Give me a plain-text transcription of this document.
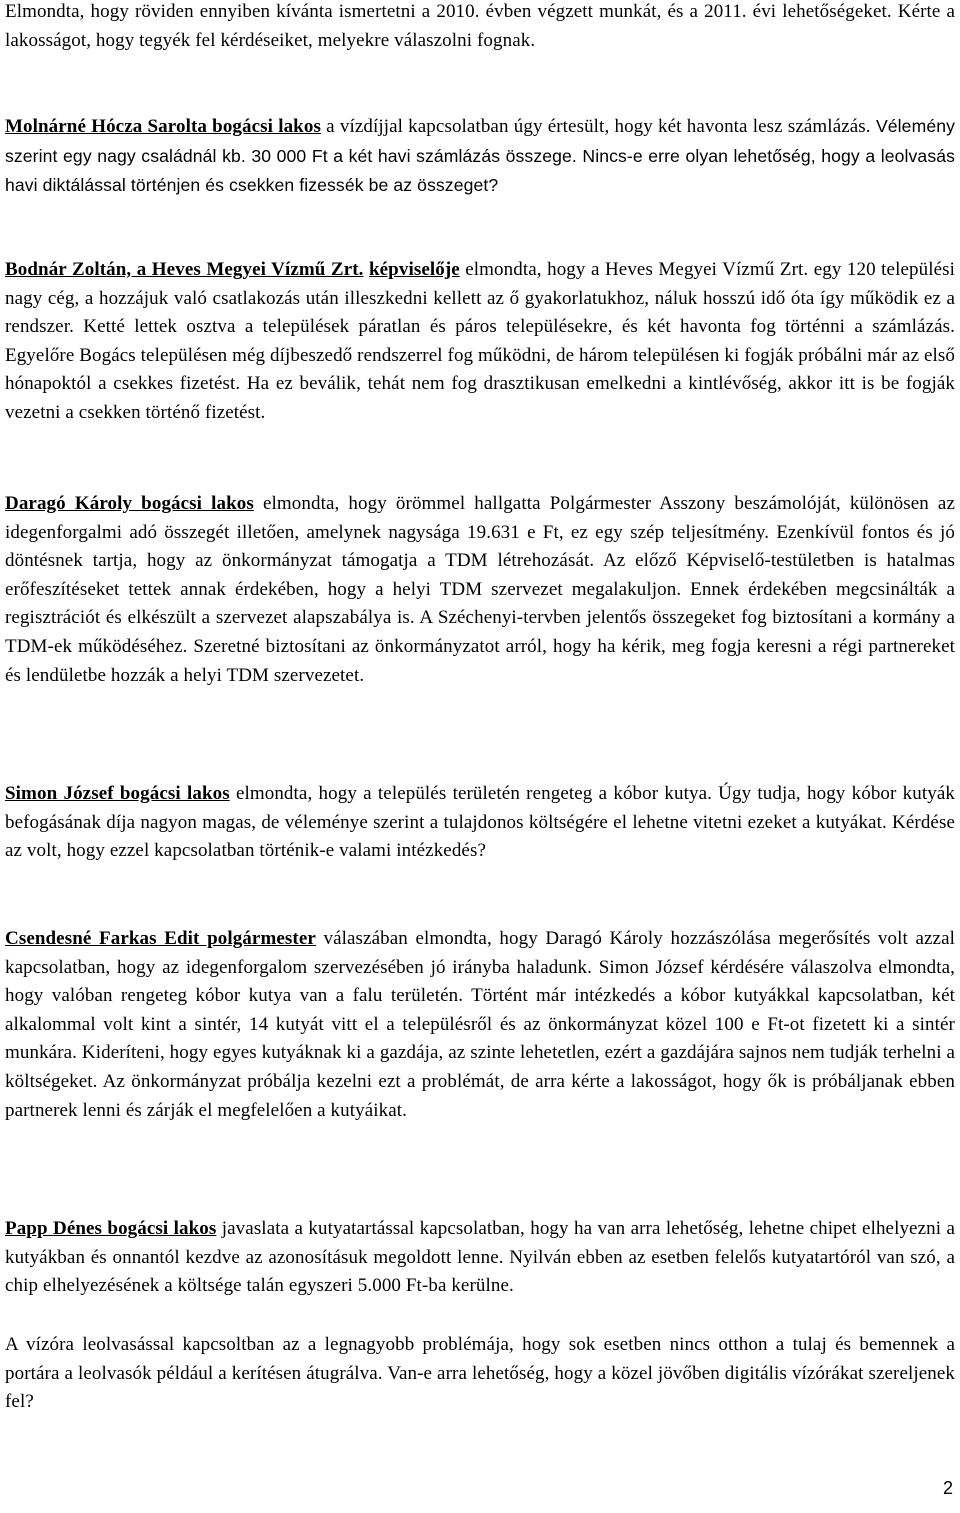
Elmondta, hogy röviden ennyiben kívánta ismertetni a 2010. évben végzett munkát, és a 2011. évi lehetőségeket. Kérte a lakosságot, hogy tegyék fel kérdéseiket, melyekre válaszolni fognak.

Molnárné Hócza Sarolta bogácsi lakos a vízdíjjal kapcsolatban úgy értesült, hogy két havonta lesz számlázás. Vélemény szerint egy nagy családnál kb. 30 000 Ft a két havi számlázás összege. Nincs-e erre olyan lehetőség, hogy a leolvasás havi diktálással történjen és csekken fizessék be az összeget?

Bodnár Zoltán, a Heves Megyei Vízmű Zrt. képviselője elmondta, hogy a Heves Megyei Vízmű Zrt. egy 120 települési nagy cég, a hozzájuk való csatlakozás után illeszkedni kellett az ő gyakorlatukhoz, náluk hosszú idő óta így működik ez a rendszer. Ketté lettek osztva a települések páratlan és páros településekre, és két havonta fog történni a számlázás. Egyelőre Bogács településen még díjbeszedő rendszerrel fog működni, de három településen ki fogják próbálni már az első hónapoktól a csekkes fizetést. Ha ez beválik, tehát nem fog drasztikusan emelkedni a kintlévőség, akkor itt is be fogják vezetni a csekken történő fizetést.

Daragó Károly bogácsi lakos elmondta, hogy örömmel hallgatta Polgármester Asszony beszámolóját, különösen az idegenforgalmi adó összegét illetően, amelynek nagysága 19.631 e Ft, ez egy szép teljesítmény. Ezenkívül fontos és jó döntésnek tartja, hogy az önkormányzat támogatja a TDM létrehozását. Az előző Képviselő-testületben is hatalmas erőfeszítéseket tettek annak érdekében, hogy a helyi TDM szervezet megalakuljon. Ennek érdekében megcsinálták a regisztrációt és elkészült a szervezet alapszabálya is. A Széchenyi-tervben jelentős összegeket fog biztosítani a kormány a TDM-ek működéséhez. Szeretné biztosítani az önkormányzatot arról, hogy ha kérik, meg fogja keresni a régi partnereket és lendületbe hozzák a helyi TDM szervezetet.

Simon József bogácsi lakos elmondta, hogy a település területén rengeteg a kóbor kutya. Úgy tudja, hogy kóbor kutyák befogásának díja nagyon magas, de véleménye szerint a tulajdonos költségére el lehetne vitetni ezeket a kutyákat. Kérdése az volt, hogy ezzel kapcsolatban történik-e valami intézkedés?

Csendesné Farkas Edit polgármester válaszában elmondta, hogy Daragó Károly hozzászólása megerősítés volt azzal kapcsolatban, hogy az idegenforgalom szervezésében jó irányba haladunk. Simon József kérdésére válaszolva elmondta, hogy valóban rengeteg kóbor kutya van a falu területén. Történt már intézkedés a kóbor kutyákkal kapcsolatban, két alkalommal volt kint a sintér, 14 kutyát vitt el a településről és az önkormányzat közel 100 e Ft-ot fizetett ki a sintér munkára. Kideríteni, hogy egyes kutyáknak ki a gazdája, az szinte lehetetlen, ezért a gazdájára sajnos nem tudják terhelni a költségeket. Az önkormányzat próbálja kezelni ezt a problémát, de arra kérte a lakosságot, hogy ők is próbáljanak ebben partnerek lenni és zárják el megfelelően a kutyáikat.

Papp Dénes bogácsi lakos javaslata a kutyatartással kapcsolatban, hogy ha van arra lehetőség, lehetne chipet elhelyezni a kutyákban és onnantól kezdve az azonosításuk megoldott lenne. Nyilván ebben az esetben felelős kutyatartóról van szó, a chip elhelyezésének a költsége talán egyszeri 5.000 Ft-ba kerülne.

A vízóra leolvasással kapcsoltban az a legnagyobb problémája, hogy sok esetben nincs otthon a tulaj és bemennek a portára a leolvasók például a kerítésen átugrálva. Van-e arra lehetőség, hogy a közel jövőben digitális vízórákat szereljenek fel?

2
